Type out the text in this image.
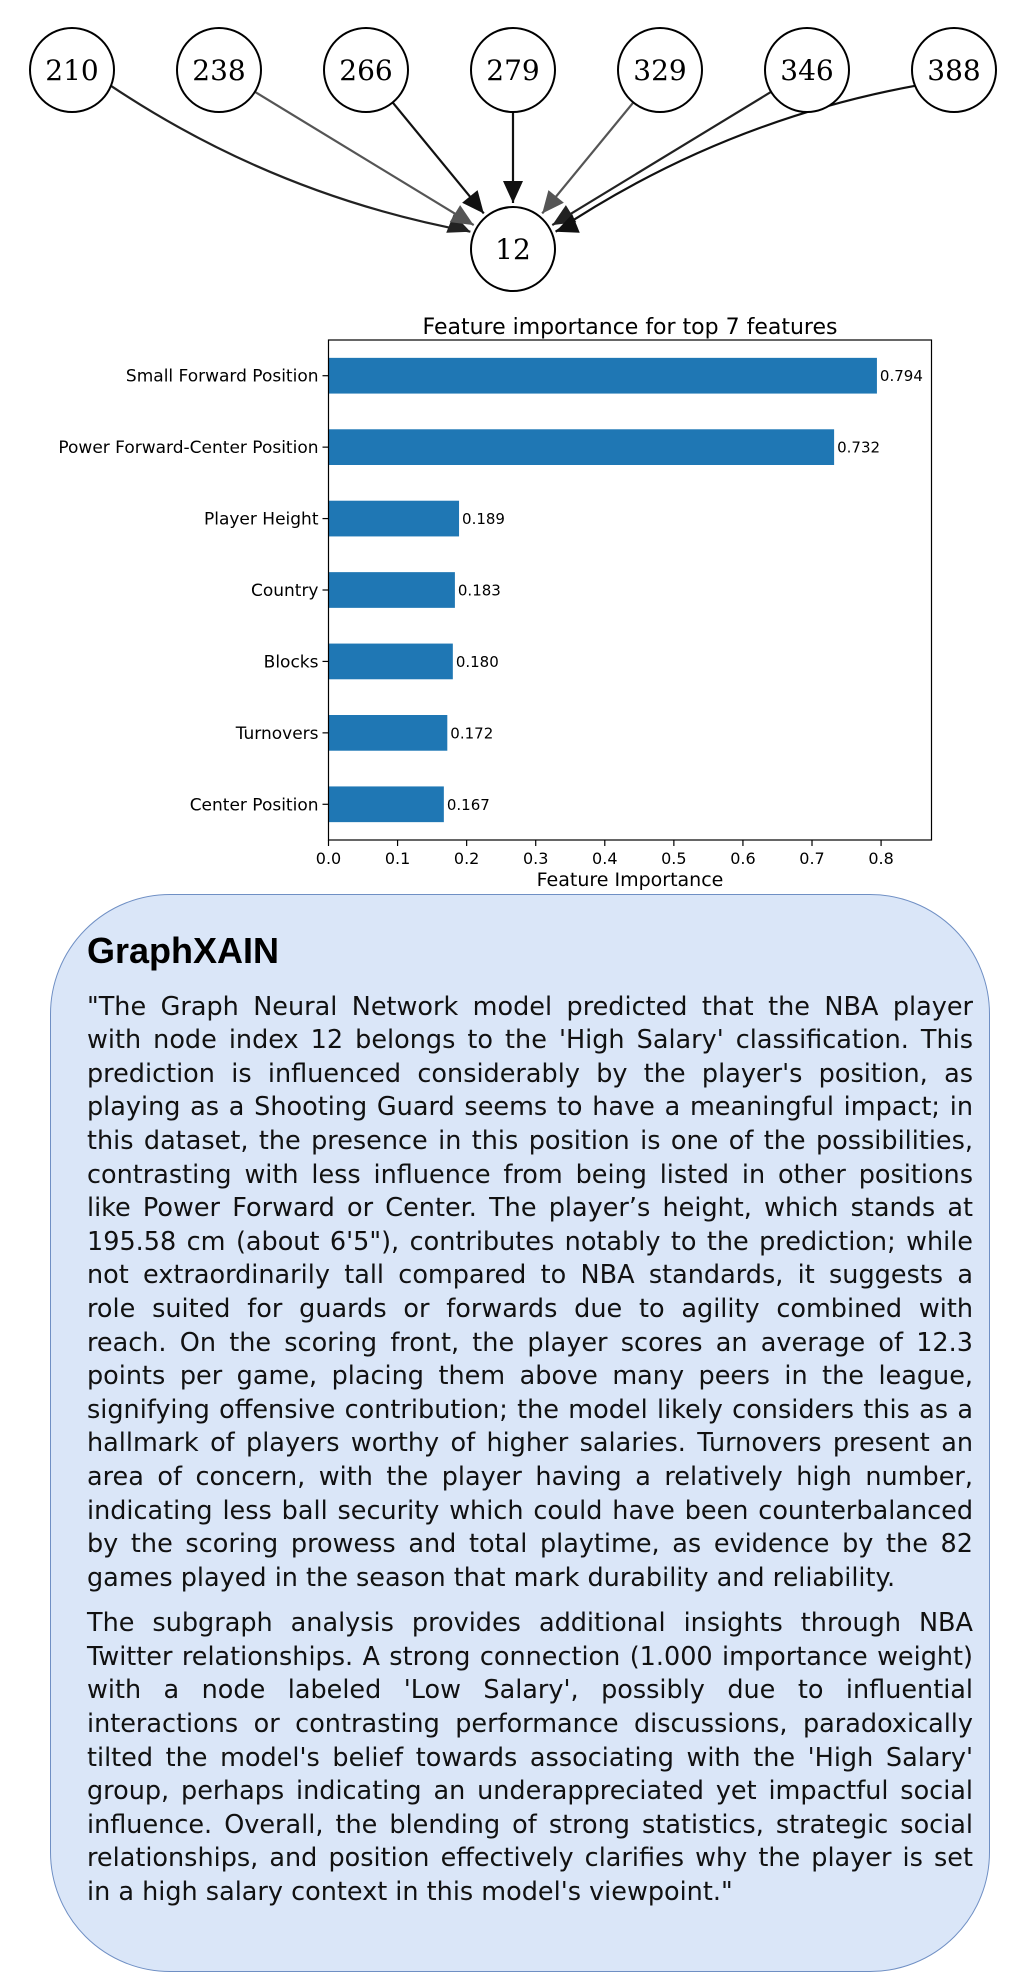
210	238	266	279	329	346	388
12
Feature importance for top 7 features
0.794
0.732
0.189
0.183
0.180
0.172
0.167
Small Forward Position
Power Forward-Center Position
Player Height
Country
Blocks
Turnovers
Center Position
0.0	0.1	0.2	0.3	0.4	0.5	0.6	0.7	0.8
Feature Importance
GraphXAIN

"The Graph Neural Network model predicted that the NBA player with node index 12 belongs to the 'High Salary' classification. This prediction is influenced considerably by the player's position, as playing as a Shooting Guard seems to have a meaningful impact; in this dataset, the presence in this position is one of the possibilities, contrasting with less influence from being listed in other positions like Power Forward or Center. The player’s height, which stands at 195.58 cm (about 6'5"), contributes notably to the prediction; while not extraordinarily tall compared to NBA standards, it suggests a role suited for guards or forwards due to agility combined with reach. On the scoring front, the player scores an average of 12.3 points per game, placing them above many peers in the league, signifying offensive contribution; the model likely considers this as a hallmark of players worthy of higher salaries. Turnovers present an area of concern, with the player having a relatively high number, indicating less ball security which could have been counterbalanced by the scoring prowess and total playtime, as evidence by the 82 games played in the season that mark durability and reliability.

The subgraph analysis provides additional insights through NBA Twitter relationships. A strong connection (1.000 importance weight) with a node labeled 'Low Salary', possibly due to influential interactions or contrasting performance discussions, paradoxically tilted the model's belief towards associating with the 'High Salary' group, perhaps indicating an underappreciated yet impactful social influence. Overall, the blending of strong statistics, strategic social relationships, and position effectively clarifies why the player is set in a high salary context in this model's viewpoint."
